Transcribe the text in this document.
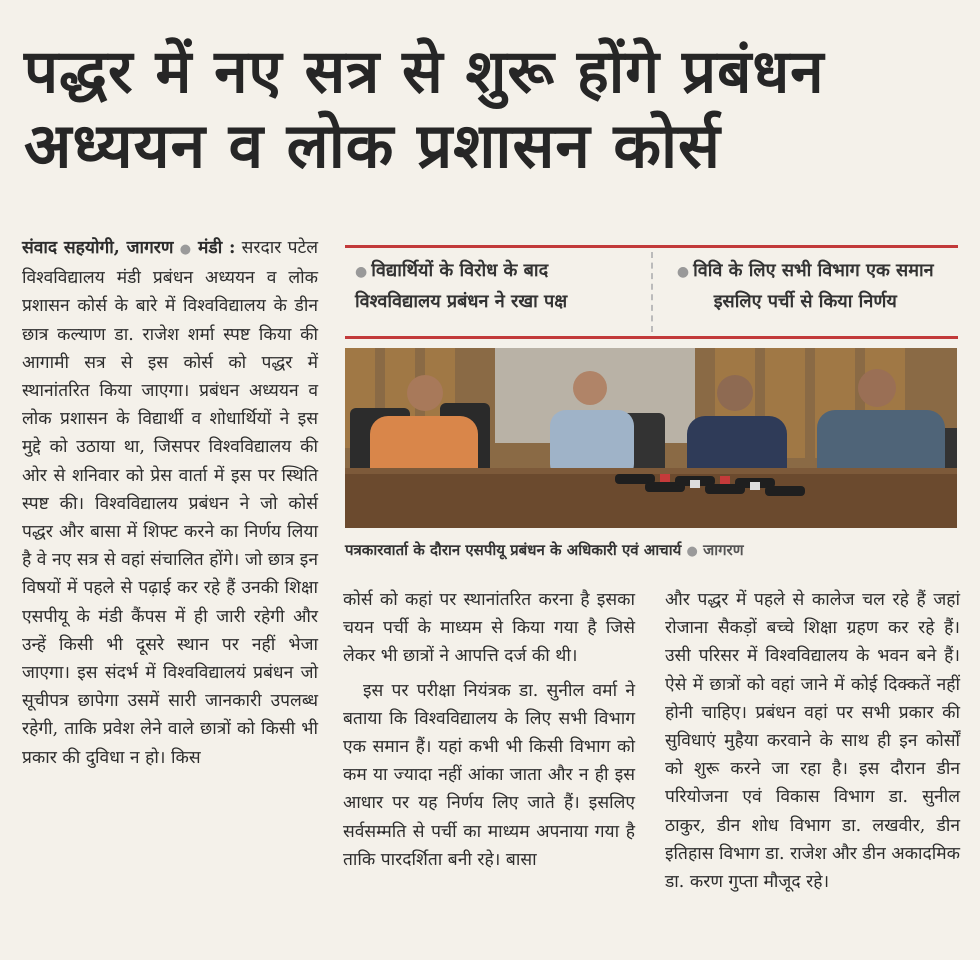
पद्धर में नए सत्र से शुरू होंगे प्रबंधन
अध्ययन व लोक प्रशासन कोर्स
संवाद सहयोगी, जागरण ● मंडी : सरदार पटेल विश्वविद्यालय मंडी प्रबंधन अध्ययन व लोक प्रशासन कोर्स के बारे में विश्वविद्यालय के डीन छात्र कल्याण डा. राजेश शर्मा स्पष्ट किया की आगामी सत्र से इस कोर्स को पद्धर में स्थानांतरित किया जाएगा। प्रबंधन अध्ययन व लोक प्रशासन के विद्यार्थी व शोधार्थियों ने इस मुद्दे को उठाया था, जिसपर विश्वविद्यालय की ओर से शनिवार को प्रेस वार्ता में इस पर स्थिति स्पष्ट की। विश्वविद्यालय प्रबंधन ने जो कोर्स पद्धर और बासा में शिफ्ट करने का निर्णय लिया है वे नए सत्र से वहां संचालित होंगे। जो छात्र इन विषयों में पहले से पढ़ाई कर रहे हैं उनकी शिक्षा एसपीयू के मंडी कैंपस में ही जारी रहेगी और उन्हें किसी भी दूसरे स्थान पर नहीं भेजा जाएगा। इस संदर्भ में विश्वविद्यालयं प्रबंधन जो सूचीपत्र छापेगा उसमें सारी जानकारी उपलब्ध रहेगी, ताकि प्रवेश लेने वाले छात्रों को किसी भी प्रकार की दुविधा न हो। किस
● विद्यार्थियों के विरोध के बाद
विश्वविद्यालय प्रबंधन ने रखा पक्ष
● विवि के लिए सभी विभाग एक समान
इसलिए पर्ची से किया निर्णय
पत्रकारवार्ता के दौरान एसपीयू प्रबंधन के अधिकारी एवं आचार्य ● जागरण
कोर्स को कहां पर स्थानांतरित करना है इसका चयन पर्ची के माध्यम से किया गया है जिसे लेकर भी छात्रों ने आपत्ति दर्ज की थी।
इस पर परीक्षा नियंत्रक डा. सुनील वर्मा ने बताया कि विश्वविद्यालय के लिए सभी विभाग एक समान हैं। यहां कभी भी किसी विभाग को कम या ज्यादा नहीं आंका जाता और न ही इस आधार पर यह निर्णय लिए जाते हैं। इसलिए सर्वसम्मति से पर्ची का माध्यम अपनाया गया है ताकि पारदर्शिता बनी रहे। बासा
और पद्धर में पहले से कालेज चल रहे हैं जहां रोजाना सैकड़ों बच्चे शिक्षा ग्रहण कर रहे हैं। उसी परिसर में विश्वविद्यालय के भवन बने हैं। ऐसे में छात्रों को वहां जाने में कोई दिक्कतें नहीं होनी चाहिए। प्रबंधन वहां पर सभी प्रकार की सुविधाएं मुहैया करवाने के साथ ही इन कोर्सों को शुरू करने जा रहा है। इस दौरान डीन परियोजना एवं विकास विभाग डा. सुनील ठाकुर, डीन शोध विभाग डा. लखवीर, डीन इतिहास विभाग डा. राजेश और डीन अकादमिक डा. करण गुप्ता मौजूद रहे।
